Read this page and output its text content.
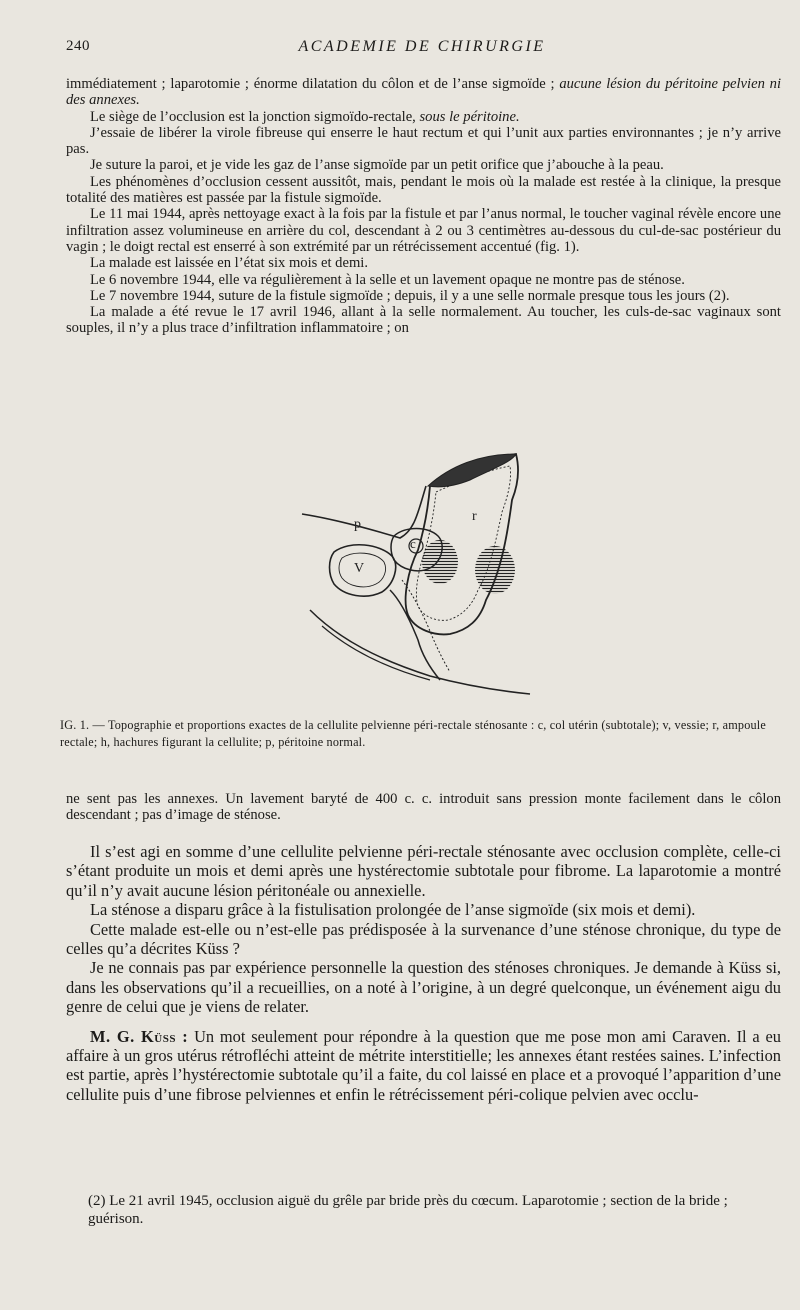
240	ACADEMIE DE CHIRURGIE

immédiatement ; laparotomie ; énorme dilatation du côlon et de l’anse sigmoïde ; aucune lésion du péritoine pelvien ni des annexes.

Le siège de l’occlusion est la jonction sigmoïdo-rectale, sous le péritoine.

J’essaie de libérer la virole fibreuse qui enserre le haut rectum et qui l’unit aux parties environnantes ; je n’y arrive pas.

Je suture la paroi, et je vide les gaz de l’anse sigmoïde par un petit orifice que j’abouche à la peau.

Les phénomènes d’occlusion cessent aussitôt, mais, pendant le mois où la malade est restée à la clinique, la presque totalité des matières est passée par la fistule sigmoïde.

Le 11 mai 1944, après nettoyage exact à la fois par la fistule et par l’anus normal, le toucher vaginal révèle encore une infiltration assez volumineuse en arrière du col, descendant à 2 ou 3 centimètres au-dessous du cul-de-sac postérieur du vagin ; le doigt rectal est enserré à son extrémité par un rétrécissement accentué (fig. 1).

La malade est laissée en l’état six mois et demi.

Le 6 novembre 1944, elle va régulièrement à la selle et un lavement opaque ne montre pas de sténose.

Le 7 novembre 1944, suture de la fistule sigmoïde ; depuis, il y a une selle normale presque tous les jours (2).

La malade a été revue le 17 avril 1946, allant à la selle normalement. Au toucher, les culs-de-sac vaginaux sont souples, il n’y a plus trace d’infiltration inflammatoire ; on

p
r
c
V

IG. 1. — Topographie et proportions exactes de la cellulite pelvienne péri-rectale sténosante : c, col utérin (subtotale); v, vessie; r, ampoule rectale; h, hachures figurant la cellulite; p, péritoine normal.

ne sent pas les annexes. Un lavement baryté de 400 c. c. introduit sans pression monte facilement dans le côlon descendant ; pas d’image de sténose.

Il s’est agi en somme d’une cellulite pelvienne péri-rectale sténosante avec occlusion complète, celle-ci s’étant produite un mois et demi après une hystérectomie subtotale pour fibrome. La laparotomie a montré qu’il n’y avait aucune lésion péritonéale ou annexielle.

La sténose a disparu grâce à la fistulisation prolongée de l’anse sigmoïde (six mois et demi).

Cette malade est-elle ou n’est-elle pas prédisposée à la survenance d’une sténose chronique, du type de celles qu’a décrites Küss ?

Je ne connais pas par expérience personnelle la question des sténoses chroniques. Je demande à Küss si, dans les observations qu’il a recueillies, on a noté à l’origine, à un degré quelconque, un événement aigu du genre de celui que je viens de relater.

M. G. Küss : Un mot seulement pour répondre à la question que me pose mon ami Caraven. Il a eu affaire à un gros utérus rétrofléchi atteint de métrite interstitielle; les annexes étant restées saines. L’infection est partie, après l’hystérectomie subtotale qu’il a faite, du col laissé en place et a provoqué l’apparition d’une cellulite puis d’une fibrose pelviennes et enfin le rétrécissement péri-colique pelvien avec occlu-

(2) Le 21 avril 1945, occlusion aiguë du grêle par bride près du cœcum. Laparotomie ; section de la bride ; guérison.
